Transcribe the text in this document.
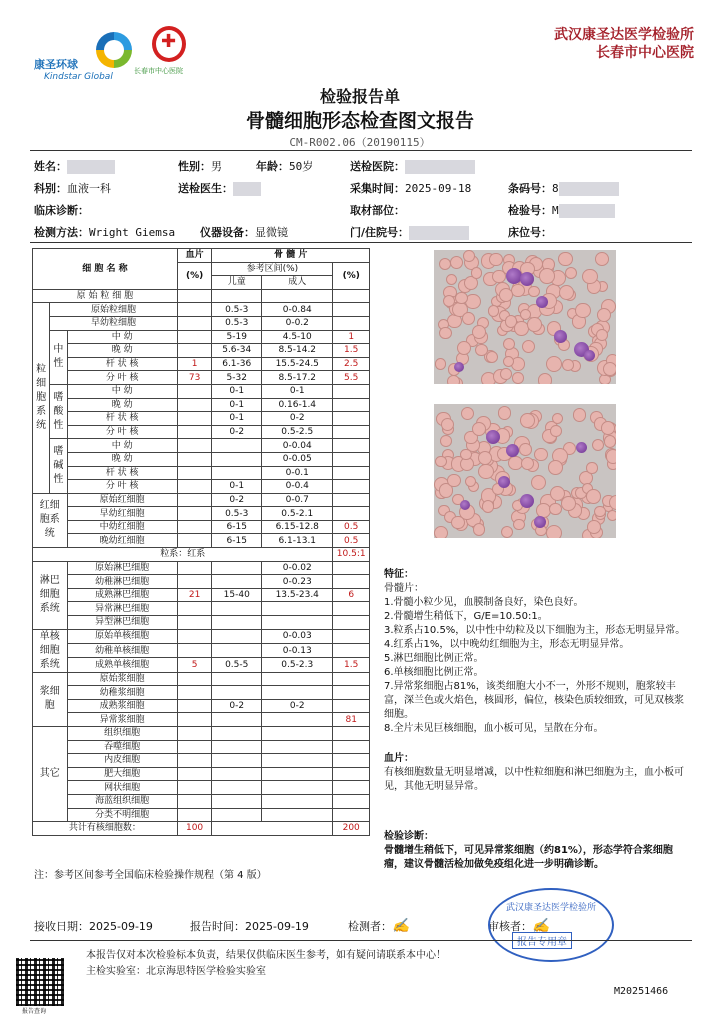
康圣环球
Kindstar Global
✚
长春市中心医院
武汉康圣达医学检验所
长春市中心医院
检验报告单
骨髓细胞形态检查图文报告
CM-R002.06（20190115）
姓名：	性别：男	年龄：50岁	送检医院：
科别：血液一科	送检医生：	采集时间：2025-09-18	条码号：8
临床诊断：	取材部位：	检验号：M
检测方法：Wright Giemsa 仪器设备：显微镜	门/住院号：	床位号：
细 胞 名 称			血片	骨 髓 片		
			(%)	参考区间(%)		(%)
				儿童	成人	
原 始 粒 细 胞						
粒细胞系统	原始粒细胞			0.5-3	0-0.84	
	早幼粒细胞			0.5-3	0-0.2	
	中性	中 幼		5-19	4.5-10	1
		晚 幼		5.6-34	8.5-14.2	1.5
		杆 状 核	1	6.1-36	15.5-24.5	2.5
		分 叶 核	73	5-32	8.5-17.2	5.5
	嗜酸性	中 幼		0-1	0-1	
		晚 幼		0-1	0.16-1.4	
		杆 状 核		0-1	0-2	
		分 叶 核		0-2	0.5-2.5	
	嗜碱性	中 幼			0-0.04	
		晚 幼			0-0.05	
		杆 状 核			0-0.1	
		分 叶 核		0-1	0-0.4	
红细胞系统		原始红细胞		0-2	0-0.7	
		早幼红细胞		0.5-3	0.5-2.1	
		中幼红细胞		6-15	6.15-12.8	0.5
		晚幼红细胞		6-15	6.1-13.1	0.5
粒系：红系						10.5:1
淋巴细胞系统		原始淋巴细胞			0-0.02	
		幼稚淋巴细胞			0-0.23	
		成熟淋巴细胞	21	15-40	13.5-23.4	6
		异常淋巴细胞				
		异型淋巴细胞				
单核细胞系统		原始单核细胞			0-0.03	
		幼稚单核细胞			0-0.13	
		成熟单核细胞	5	0.5-5	0.5-2.3	1.5
浆细胞		原始浆细胞				
		幼稚浆细胞				
		成熟浆细胞		0-2	0-2	
		异常浆细胞				81
其它		组织细胞				
		吞噬细胞				
		内皮细胞				
		肥大细胞				
		网状细胞				
		海蓝组织细胞				
		分类不明细胞				
共计有核细胞数：			100			200
特征：
骨髓片：
1.骨髓小粒少见，血膜制备良好，染色良好。
2.骨髓增生稍低下，G/E=10.50:1。
3.粒系占10.5%，以中性中幼粒及以下细胞为主，形态无明显异常。
4.红系占1%，以中晚幼红细胞为主，形态无明显异常。
5.淋巴细胞比例正常。
6.单核细胞比例正常。
7.异常浆细胞占81%，该类细胞大小不一，外形不规则，胞浆较丰富，深兰色或火焰色，核圆形，偏位，核染色质较细致，可见双核浆细胞。
8.全片未见巨核细胞，血小板可见，呈散在分布。
血片：
有核细胞数量无明显增减，以中性粒细胞和淋巴细胞为主，血小板可见，其他无明显异常。
检验诊断：
骨髓增生稍低下，可见异常浆细胞（约81%），形态学符合浆细胞瘤，建议骨髓活检加做免疫组化进一步明确诊断。
注：参考区间参考全国临床检验操作规程（第 4 版）
接收日期：2025-09-19	报告时间：2025-09-19	检测者：✍	审核者：✍
武汉康圣达医学检验所
报告专用章
本报告仅对本次检验标本负责，结果仅供临床医生参考，如有疑问请联系本中心！
主检实验室：北京海思特医学检验实验室
报告查询
M20251466
